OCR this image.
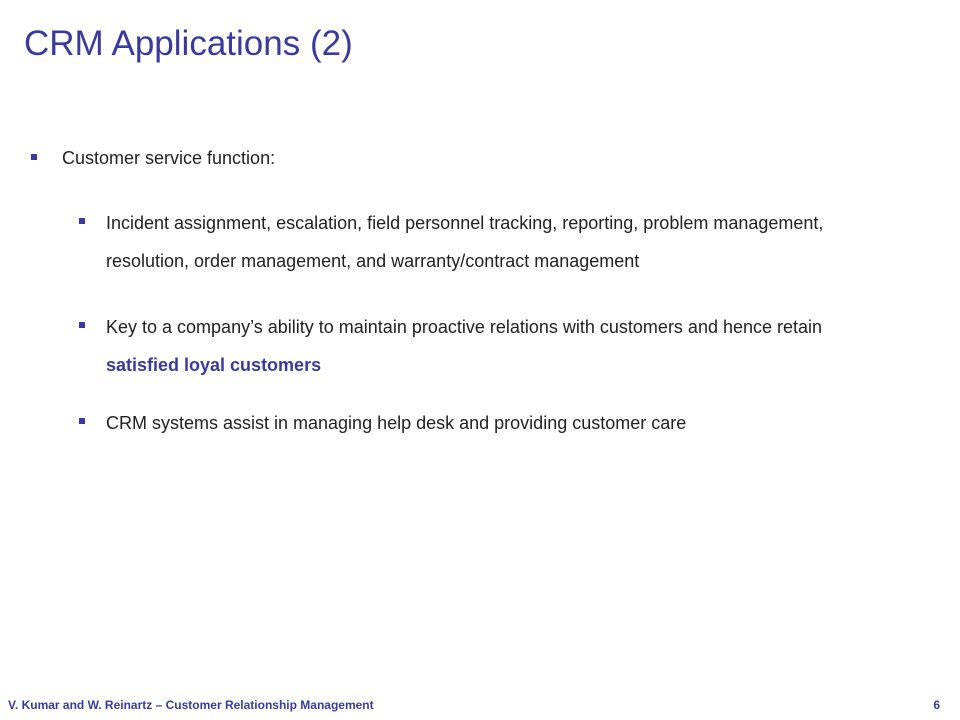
CRM Applications (2)
Customer service function:
Incident assignment, escalation, field personnel tracking, reporting, problem management, resolution, order management, and warranty/contract management
Key to a company’s ability to maintain proactive relations with customers and hence retain satisfied loyal customers
CRM systems assist in managing help desk and providing customer care
V. Kumar and W. Reinartz – Customer Relationship Management	6
